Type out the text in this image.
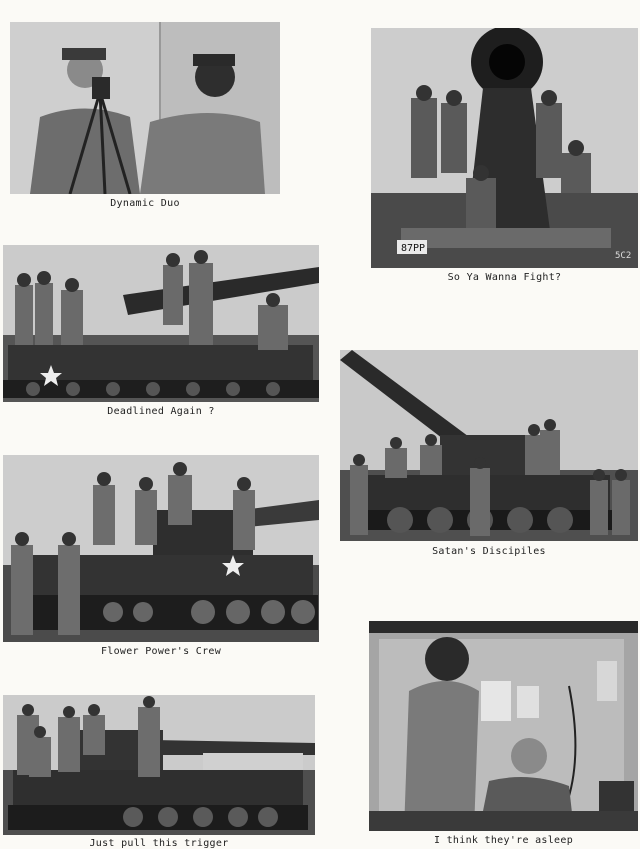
Dynamic Duo
87PP
5C2
So Ya Wanna Fight?
Deadlined Again ?
Satan's Discipiles
Flower Power's Crew
I think they're asleep
Just pull this trigger
